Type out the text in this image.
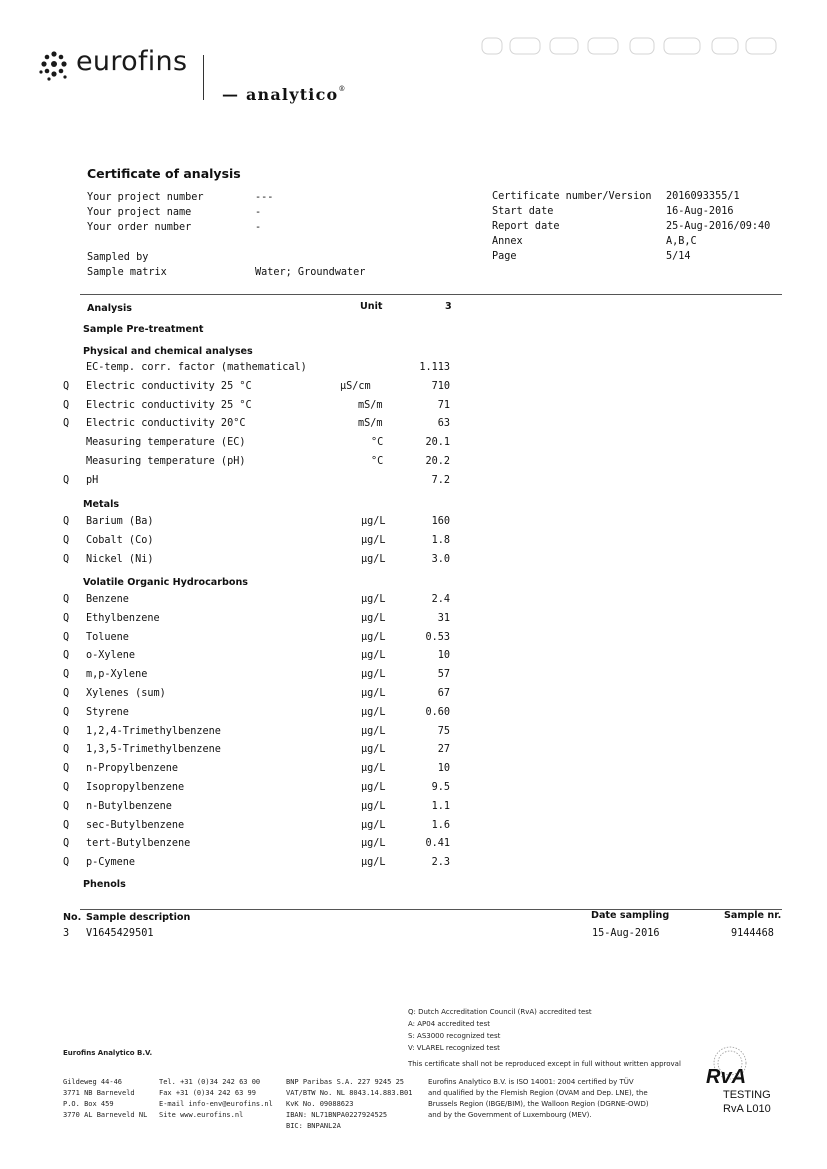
eurofins
— analytico®
Certificate of analysis
Your project number	---
Your project name	-
Your order number	-
Sampled by
Sample matrix	Water; Groundwater
Certificate number/Version 2016093355/1
Start date	16-Aug-2016
Report date	25-Aug-2016/09:40
Annex	A,B,C
Page	5/14
Analysis	Unit	3
Sample Pre-treatment
Physical and chemical analyses
EC-temp. corr. factor (mathematical)	1.113
Q Electric conductivity 25 °C	µS/cm	710
Q Electric conductivity 25 °C	mS/m	71
Q Electric conductivity 20°C	mS/m	63
Measuring temperature (EC)	°C	20.1
Measuring temperature (pH)	°C	20.2
Q pH	7.2
Metals
Q Barium (Ba)	µg/L	160
Q Cobalt (Co)	µg/L	1.8
Q Nickel (Ni)	µg/L	3.0
Volatile Organic Hydrocarbons
Q Benzene	µg/L	2.4
Q Ethylbenzene	µg/L	31
Q Toluene	µg/L	0.53
Q o-Xylene	µg/L	10
Q m,p-Xylene	µg/L	57
Q Xylenes (sum)	µg/L	67
Q Styrene	µg/L	0.60
Q 1,2,4-Trimethylbenzene	µg/L	75
Q 1,3,5-Trimethylbenzene	µg/L	27
Q n-Propylbenzene	µg/L	10
Q Isopropylbenzene	µg/L	9.5
Q n-Butylbenzene	µg/L	1.1
Q sec-Butylbenzene	µg/L	1.6
Q tert-Butylbenzene	µg/L	0.41
Q p-Cymene	µg/L	2.3
Phenols
No. Sample description	Date sampling	Sample nr.
3 V1645429501	15-Aug-2016	9144468
Q: Dutch Accreditation Council (RvA) accredited test
A: AP04 accredited test
S: AS3000 recognized test
V: VLAREL recognized test
Eurofins Analytico B.V.
This certificate shall not be reproduced except in full without written approval
Gildeweg 44-46
3771 NB Barneveld
P.O. Box 459
3770 AL Barneveld NL
Tel. +31 (0)34 242 63 00
Fax +31 (0)34 242 63 99
E-mail info-env@eurofins.nl
Site www.eurofins.nl
BNP Paribas S.A. 227 9245 25
VAT/BTW No. NL 8043.14.883.B01
KvK No. 09088623
IBAN: NL71BNPA0227924525
BIC: BNPANL2A
Eurofins Analytico B.V. is ISO 14001: 2004 certified by TÜV
and qualified by the Flemish Region (OVAM and Dep. LNE), the
Brussels Region (IBGE/BIM), the Walloon Region (DGRNE-OWD)
and by the Government of Luxembourg (MEV).
RvA
TESTING
RvA L010
